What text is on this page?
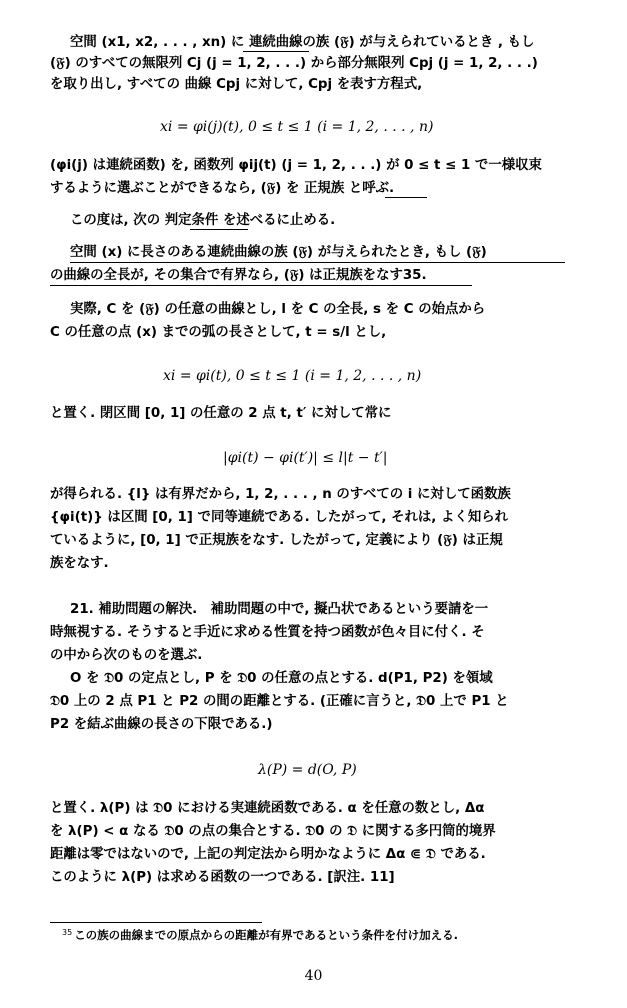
空間 (x1, x2, . . . , xn) に 連続曲線の族 (𝔉) が与えられているとき , もし
(𝔉) のすべての無限列 Cj (j = 1, 2, . . .) から部分無限列 Cpj (j = 1, 2, . . .)
を取り出し, すべての 曲線 Cpj に対して, Cpj を表す方程式,
xi = φi(j)(t), 0 ≤ t ≤ 1 (i = 1, 2, . . . , n)
(φi(j) は連続函数) を, 函数列 φij(t) (j = 1, 2, . . .) が 0 ≤ t ≤ 1 で一様収束
するように選ぶことができるなら, (𝔉) を 正規族 と呼ぶ.
この度は, 次の 判定条件 を述べるに止める.
空間 (x) に長さのある連続曲線の族 (𝔉) が与えられたとき, もし (𝔉)
の曲線の全長が, その集合で有界なら, (𝔉) は正規族をなす35.
実際, C を (𝔉) の任意の曲線とし, l を C の全長, s を C の始点から
C の任意の点 (x) までの弧の長さとして, t = s/l とし,
xi = φi(t), 0 ≤ t ≤ 1 (i = 1, 2, . . . , n)
と置く. 閉区間 [0, 1] の任意の 2 点 t, t′ に対して常に
|φi(t) − φi(t′)| ≤ l|t − t′|
が得られる. {l} は有界だから, 1, 2, . . . , n のすべての i に対して函数族
{φi(t)} は区間 [0, 1] で同等連続である. したがって, それは, よく知られ
ているように, [0, 1] で正規族をなす. したがって, 定義により (𝔉) は正規
族をなす.
21. 補助問題の解決.　補助問題の中で, 擬凸状であるという要請を一
時無視する. そうすると手近に求める性質を持つ函数が色々目に付く. そ
の中から次のものを選ぶ.
O を 𝔇0 の定点とし, P を 𝔇0 の任意の点とする. d(P1, P2) を領域
𝔇0 上の 2 点 P1 と P2 の間の距離とする. (正確に言うと, 𝔇0 上で P1 と
P2 を結ぶ曲線の長さの下限である.)
λ(P) = d(O, P)
と置く. λ(P) は 𝔇0 における実連続函数である. α を任意の数とし, Δα
を λ(P) < α なる 𝔇0 の点の集合とする. 𝔇0 の 𝔇 に関する多円筒的境界
距離は零ではないので, 上記の判定法から明かなように Δα ⋐ 𝔇 である.
このように λ(P) は求める函数の一つである. [訳注. 11]
$^{35}$ この族の曲線までの原点からの距離が有界であるという条件を付け加える.
40
